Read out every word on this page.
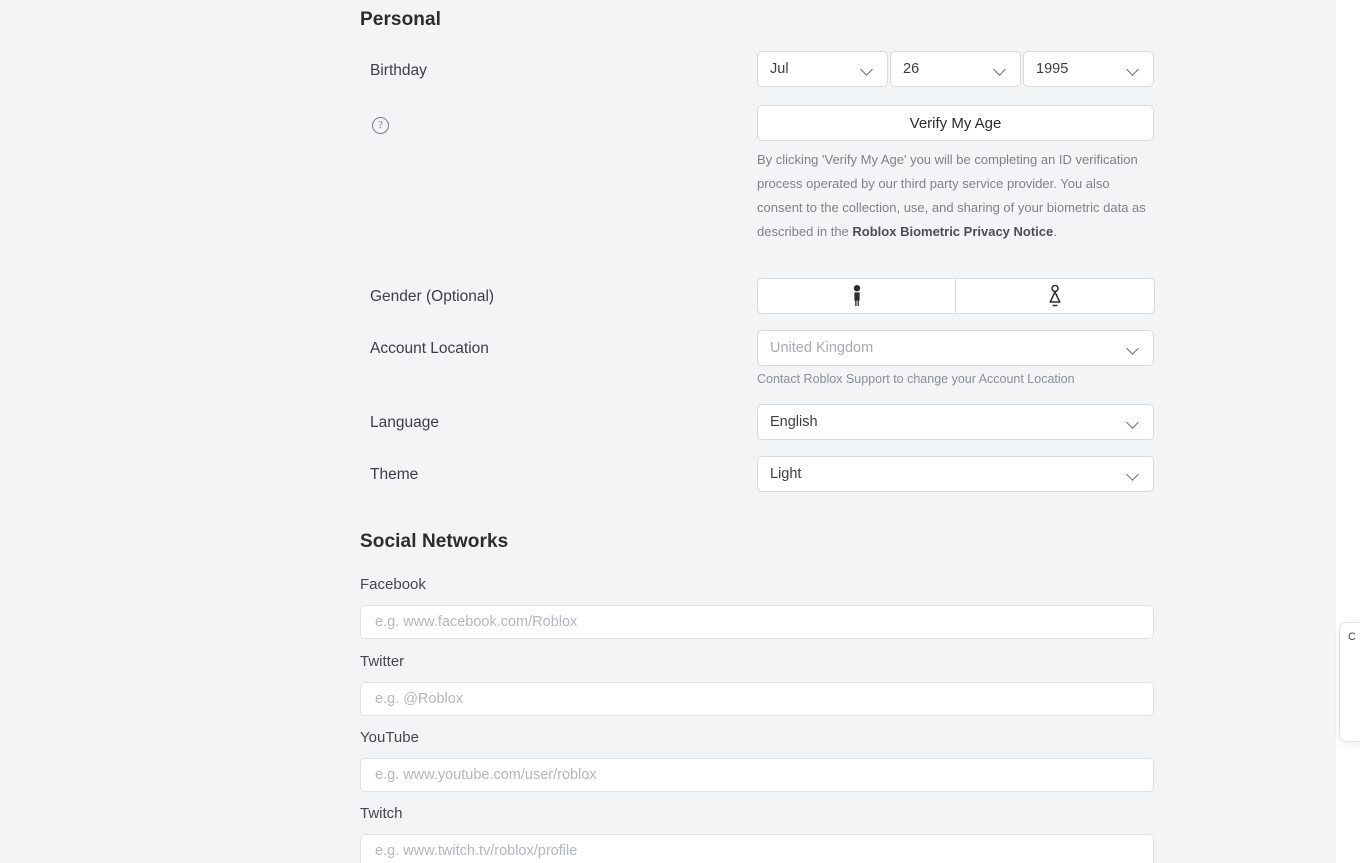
Personal
Birthday	Jul	26	1995
?	Verify My Age
By clicking 'Verify My Age' you will be completing an ID verification process operated by our third party service provider. You also consent to the collection, use, and sharing of your biometric data as described in the Roblox Biometric Privacy Notice.
Gender (Optional)
Account Location	United Kingdom
Contact Roblox Support to change your Account Location
Language	English
Theme	Light
Social Networks
Facebook
e.g. www.facebook.com/Roblox
Twitter
e.g. @Roblox
YouTube
e.g. www.youtube.com/user/roblox
Twitch
e.g. www.twitch.tv/roblox/profile
C
